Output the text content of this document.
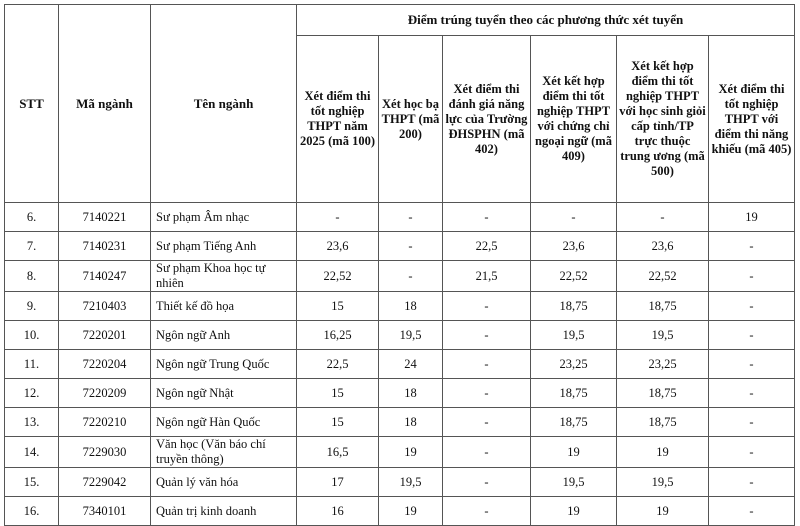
STT	Mã ngành	Tên ngành	Điểm trúng tuyển theo các phương thức xét tuyển					
			Xét điểm thi tốt nghiệp THPT năm 2025 (mã 100)	Xét học bạ THPT (mã 200)	Xét điểm thi đánh giá năng lực của Trường ĐHSPHN (mã 402)	Xét kết hợp điểm thi tốt nghiệp THPT với chứng chỉ ngoại ngữ (mã 409)	Xét kết hợp điểm thi tốt nghiệp THPT với học sinh giỏi cấp tỉnh/TP trực thuộc trung ương (mã 500)	Xét điểm thi tốt nghiệp THPT với điểm thi năng khiếu (mã 405)
6.	7140221	Sư phạm Âm nhạc	-	-	-	-	-	19
7.	7140231	Sư phạm Tiếng Anh	23,6	-	22,5	23,6	23,6	-
8.	7140247	Sư phạm Khoa học tự nhiên	22,52	-	21,5	22,52	22,52	-
9.	7210403	Thiết kế đồ họa	15	18	-	18,75	18,75	-
10.	7220201	Ngôn ngữ Anh	16,25	19,5	-	19,5	19,5	-
11.	7220204	Ngôn ngữ Trung Quốc	22,5	24	-	23,25	23,25	-
12.	7220209	Ngôn ngữ Nhật	15	18	-	18,75	18,75	-
13.	7220210	Ngôn ngữ Hàn Quốc	15	18	-	18,75	18,75	-
14.	7229030	Văn học (Văn báo chí truyền thông)	16,5	19	-	19	19	-
15.	7229042	Quản lý văn hóa	17	19,5	-	19,5	19,5	-
16.	7340101	Quản trị kinh doanh	16	19	-	19	19	-
